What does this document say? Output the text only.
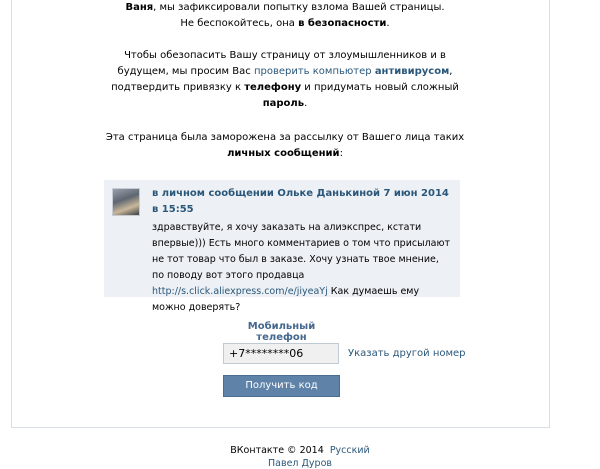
Ваня, мы зафиксировали попытку взлома Вашей страницы.
Не беспокойтесь, она в безопасности.
Чтобы обезопасить Вашу страницу от злоумышленников и в будущем, мы просим Вас проверить компьютер антивирусом, подтвердить привязку к телефону и придумать новый сложный пароль.
Эта страница была заморожена за рассылку от Вашего лица таких личных сообщений:
в личном сообщении Ольке Данькиной 7 июн 2014 в 15:55
здравствуйте, я хочу заказать на алиэкспрес, кстати впервые))) Есть много комментариев о том что присылают не тот товар что был в заказе. Хочу узнать твое мнение, по поводу вот этого продавца http://s.click.aliexpress.com/e/jiyeaYj Как думаешь ему можно доверять?
Мобильный телефон
+7********06	Указать другой номер
Получить код
ВКонтакте © 2014 Русский
Павел Дуров
